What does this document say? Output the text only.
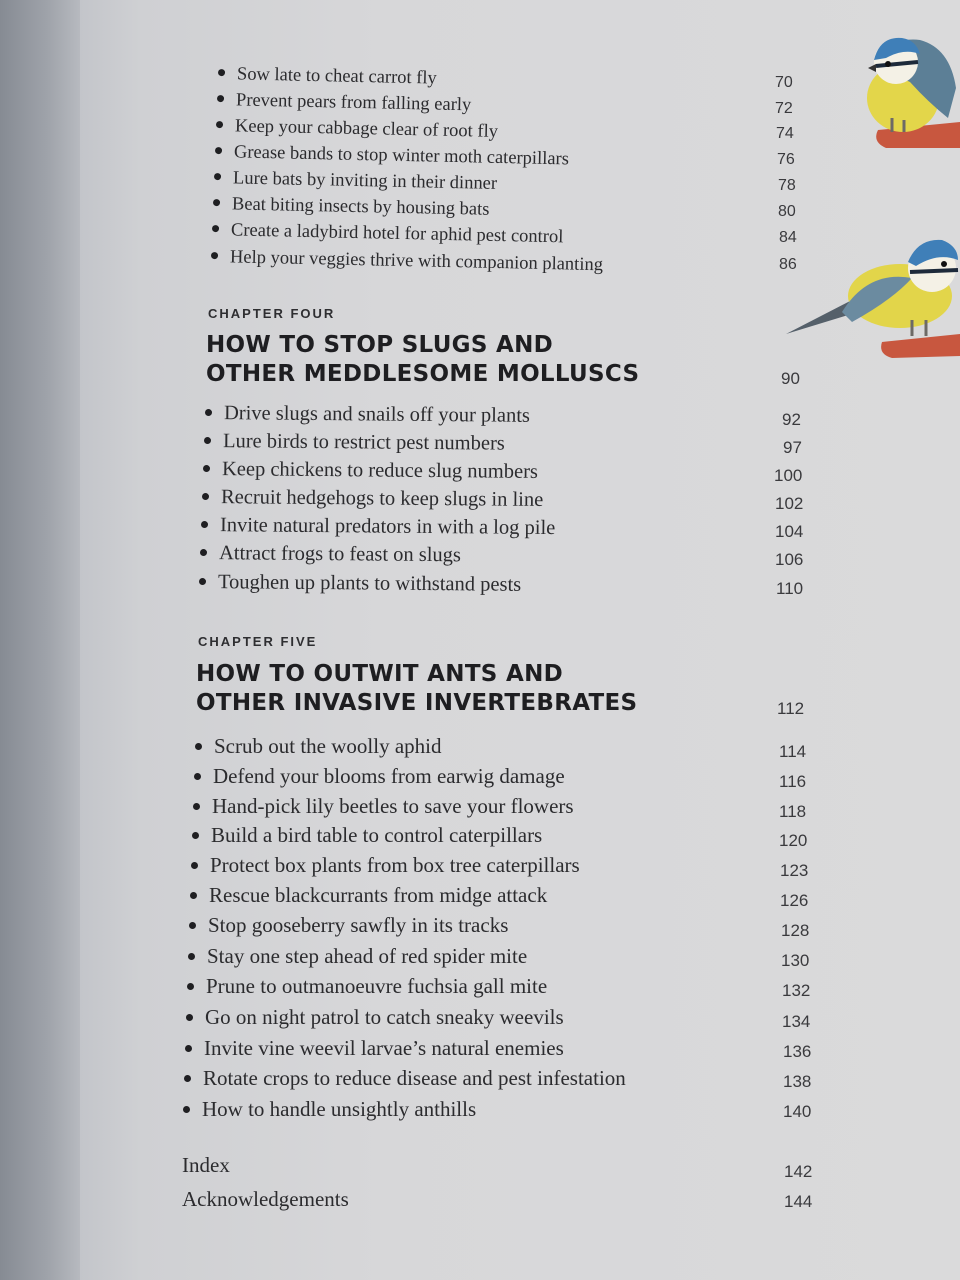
Sow late to cheat carrot fly	70
Prevent pears from falling early	72
Keep your cabbage clear of root fly	74
Grease bands to stop winter moth caterpillars	76
Lure bats by inviting in their dinner	78
Beat biting insects by housing bats	80
Create a ladybird hotel for aphid pest control	84
Help your veggies thrive with companion planting	86
CHAPTER FOUR
HOW TO STOP SLUGS AND
OTHER MEDDLESOME MOLLUSCS	90
Drive slugs and snails off your plants	92
Lure birds to restrict pest numbers	97
Keep chickens to reduce slug numbers	100
Recruit hedgehogs to keep slugs in line	102
Invite natural predators in with a log pile	104
Attract frogs to feast on slugs	106
Toughen up plants to withstand pests	110
CHAPTER FIVE
HOW TO OUTWIT ANTS AND
OTHER INVASIVE INVERTEBRATES	112
Scrub out the woolly aphid	114
Defend your blooms from earwig damage	116
Hand-pick lily beetles to save your flowers	118
Build a bird table to control caterpillars	120
Protect box plants from box tree caterpillars	123
Rescue blackcurrants from midge attack	126
Stop gooseberry sawfly in its tracks	128
Stay one step ahead of red spider mite	130
Prune to outmanoeuvre fuchsia gall mite	132
Go on night patrol to catch sneaky weevils	134
Invite vine weevil larvae’s natural enemies	136
Rotate crops to reduce disease and pest infestation	138
How to handle unsightly anthills	140
Index	142
Acknowledgements	144
